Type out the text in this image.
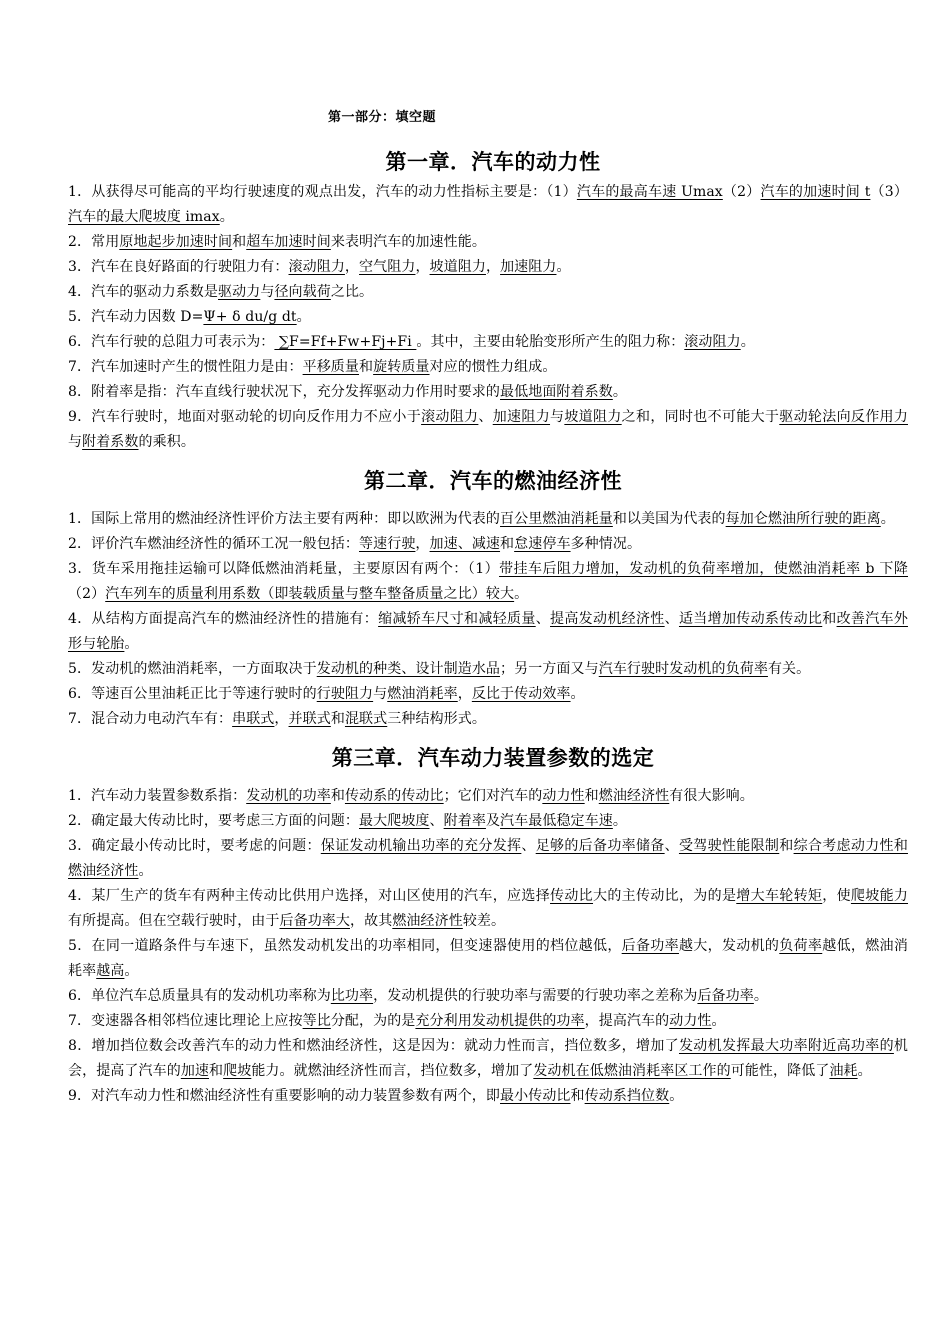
第一部分：填空题
第一章．汽车的动力性

1．从获得尽可能高的平均行驶速度的观点出发，汽车的动力性指标主要是：（1）汽车的最高车速 Umax（2）汽车的加速时间 t（3）汽车的最大爬坡度 imax。

2．常用原地起步加速时间和超车加速时间来表明汽车的加速性能。

3．汽车在良好路面的行驶阻力有：滚动阻力，空气阻力，坡道阻力，加速阻力。

4．汽车的驱动力系数是驱动力与径向载荷之比。

5．汽车动力因数 D=Ψ+ δ du/g dt。

6．汽车行驶的总阻力可表示为： ∑F=Ff+Fw+Fj+Fi 。其中，主要由轮胎变形所产生的阻力称：滚动阻力。

7．汽车加速时产生的惯性阻力是由：平移质量和旋转质量对应的惯性力组成。

8．附着率是指：汽车直线行驶状况下，充分发挥驱动力作用时要求的最低地面附着系数。

9．汽车行驶时，地面对驱动轮的切向反作用力不应小于滚动阻力、加速阻力与坡道阻力之和，同时也不可能大于驱动轮法向反作用力与附着系数的乘积。

第二章．汽车的燃油经济性

1．国际上常用的燃油经济性评价方法主要有两种：即以欧洲为代表的百公里燃油消耗量和以美国为代表的每加仑燃油所行驶的距离。

2．评价汽车燃油经济性的循环工况一般包括：等速行驶，加速、减速和怠速停车多种情况。

3．货车采用拖挂运输可以降低燃油消耗量，主要原因有两个：（1）带挂车后阻力增加，发动机的负荷率增加，使燃油消耗率 b 下降（2）汽车列车的质量利用系数（即装载质量与整车整备质量之比）较大。

4．从结构方面提高汽车的燃油经济性的措施有：缩减轿车尺寸和减轻质量、提高发动机经济性、适当增加传动系传动比和改善汽车外形与轮胎。

5．发动机的燃油消耗率，一方面取决于发动机的种类、设计制造水品；另一方面又与汽车行驶时发动机的负荷率有关。

6．等速百公里油耗正比于等速行驶时的行驶阻力与燃油消耗率，反比于传动效率。

7．混合动力电动汽车有：串联式，并联式和混联式三种结构形式。

第三章．汽车动力装置参数的选定

1．汽车动力装置参数系指：发动机的功率和传动系的传动比；它们对汽车的动力性和燃油经济性有很大影响。

2．确定最大传动比时，要考虑三方面的问题：最大爬坡度、附着率及汽车最低稳定车速。

3．确定最小传动比时，要考虑的问题：保证发动机输出功率的充分发挥、足够的后备功率储备、受驾驶性能限制和综合考虑动力性和燃油经济性。

4．某厂生产的货车有两种主传动比供用户选择，对山区使用的汽车，应选择传动比大的主传动比，为的是增大车轮转矩，使爬坡能力有所提高。但在空载行驶时，由于后备功率大，故其燃油经济性较差。

5．在同一道路条件与车速下，虽然发动机发出的功率相同，但变速器使用的档位越低，后备功率越大，发动机的负荷率越低，燃油消耗率越高。

6．单位汽车总质量具有的发动机功率称为比功率，发动机提供的行驶功率与需要的行驶功率之差称为后备功率。

7．变速器各相邻档位速比理论上应按等比分配，为的是充分利用发动机提供的功率，提高汽车的动力性。

8．增加挡位数会改善汽车的动力性和燃油经济性，这是因为：就动力性而言，挡位数多，增加了发动机发挥最大功率附近高功率的机会，提高了汽车的加速和爬坡能力。就燃油经济性而言，挡位数多，增加了发动机在低燃油消耗率区工作的可能性，降低了油耗。

9．对汽车动力性和燃油经济性有重要影响的动力装置参数有两个，即最小传动比和传动系挡位数。
